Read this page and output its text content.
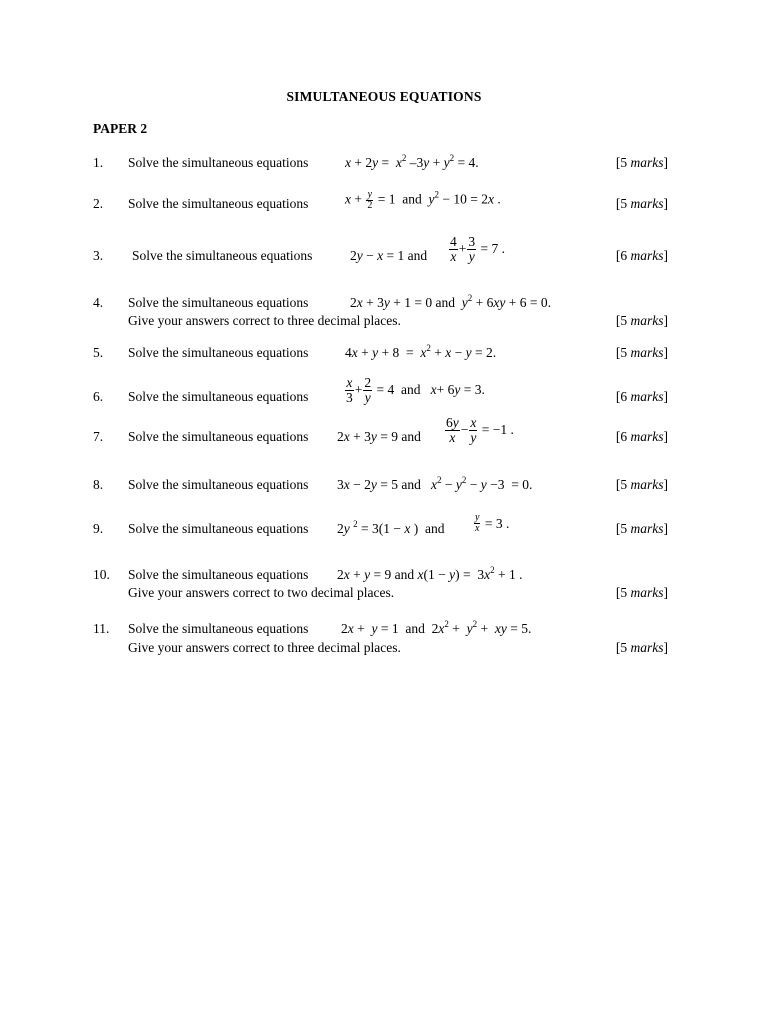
SIMULTANEOUS EQUATIONS
PAPER 2
1. Solve the simultaneous equations	$x + 2y = x^2$ $-3y + y^2 = 4$.	[5 marks]
2. Solve the simultaneous equations	$x + \frac{y}{2} = 1$  and  $y^2 - 10 = 2x$ .	[5 marks]
3. Solve the simultaneous equations	2y − x = 1 and $\frac{4}{x} + \frac{3}{y} = 7$ .	[6 marks]
4. Solve the simultaneous equations	2x + 3y + 1 = 0 and  $y^2 + 6xy + 6 = 0$.
Give your answers correct to three decimal places.	[5 marks]
5. Solve the simultaneous equations	$4x + y + 8 = x^2 + x - y = 2$.	[5 marks]
6. Solve the simultaneous equations	$\frac{x}{3} + \frac{2}{y} = 4$  and   x+ 6y = 3.	[6 marks]
7. Solve the simultaneous equations 2x + 3y = 9 and $\frac{6y}{x} - \frac{x}{y} = -1$ .	[6 marks]
8. Solve the simultaneous equations 3x − 2y = 5 and   $x^2 - y^2 - y -3 = 0$.	[5 marks]
9. Solve the simultaneous equations 2y $^2$ = 3(1 − x )  and	$\frac{y}{x} = 3$ .	[5 marks]
10. Solve the simultaneous equations 2x + y = 9 and $x(1 - y) = 3x^2 + 1$ .
Give your answers correct to two decimal places.	[5 marks]
11. Solve the simultaneous equations 2x +  y = 1  and  $2x^2 + y^2$ +  xy = 5.
Give your answers correct to three decimal places.	[5 marks]
